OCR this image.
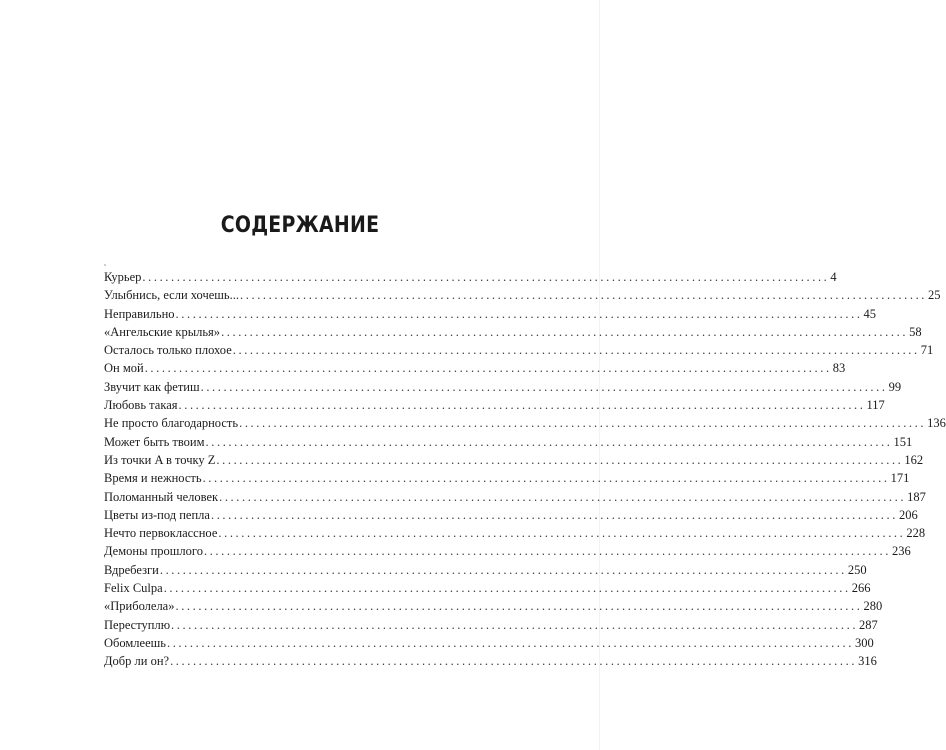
СОДЕРЖАНИЕ
Курьер ........................................................................................................................ 4
Улыбнись, если хочешь... ........................................................................................................................ 25
Неправильно ........................................................................................................................ 45
«Ангельские крылья» ........................................................................................................................ 58
Осталось только плохое ........................................................................................................................ 71
Он мой ........................................................................................................................ 83
Звучит как фетиш ........................................................................................................................ 99
Любовь такая ........................................................................................................................ 117
Не просто благодарность ........................................................................................................................ 136
Может быть твоим ........................................................................................................................ 151
Из точки A в точку Z ........................................................................................................................ 162
Время и нежность ........................................................................................................................ 171
Поломанный человек ........................................................................................................................ 187
Цветы из-под пепла ........................................................................................................................ 206
Нечто первоклассное ........................................................................................................................ 228
Демоны прошлого ........................................................................................................................ 236
Вдребезги ........................................................................................................................ 250
Felix Culpa ........................................................................................................................ 266
«Приболела» ........................................................................................................................ 280
Переступлю ........................................................................................................................ 287
Обомлеешь ........................................................................................................................ 300
Добр ли он? ........................................................................................................................ 316
